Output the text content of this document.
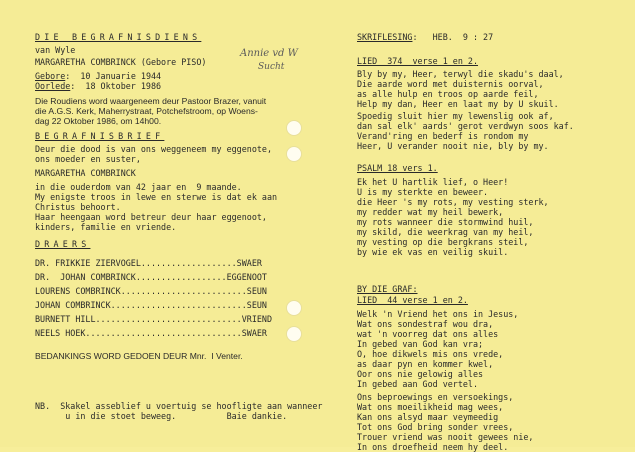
DIE BEGRAFNISDIENS
van Wyle
MARGARETHA COMBRINCK (Gebore PISO)
Annie vd W
Sucht
Gebore:  10 Januarie 1944
Oorlede:  18 Oktober 1986
Die Roudiens word waargeneem deur Pastoor Brazer, vanuit
die A.G.S. Kerk, Maherrystraat, Potchefstroom, op Woens-
dag 22 Oktober 1986, om 14h00.
BEGRAFNISBRIEF
Deur die dood is van ons weggeneem my eggenote,
ons moeder en suster,
MARGARETHA COMBRINCK
in die ouderdom van 42 jaar en  9 maande.
My enigste troos in lewe en sterwe is dat ek aan
Christus behoort.
Haar heengaan word betreur deur haar eggenoot,
kinders, familie en vriende.
DRAERS
DR. FRIKKIE ZIERVOGEL...................SWAER
DR.  JOHAN COMBRINCK..................EGGENOOT
LOURENS COMBRINCK.........................SEUN
JOHAN COMBRINCK...........................SEUN
BURNETT HILL.............................VRIEND
NEELS HOEK...............................SWAER
BEDANKINGS WORD GEDOEN DEUR Mnr.  I Venter.
NB.  Skakel asseblief u voertuig se hoofligte aan wanneer
u in die stoet beweeg.          Baie dankie.
SKRIFLESING:   HEB.  9 : 27
LIED  374  verse 1 en 2.
Bly by my, Heer, terwyl die skadu's daal,
Die aarde word met duisternis oorval,
as alle hulp en troos op aarde feil,
Help my dan, Heer en laat my by U skuil.
Spoedig sluit hier my lewenslig ook af,
dan sal elk' aards' gerot verdwyn soos kaf.
Verand'ring en bederf is rondom my
Heer, U verander nooit nie, bly by my.
PSALM 18 vers 1.
Ek het U hartlik lief, o Heer!
U is my sterkte en beweer.
die Heer 's my rots, my vesting sterk,
my redder wat my heil bewerk,
my rots wanneer die stormwind huil,
my skild, die weerkrag van my heil,
my vesting op die bergkrans steil,
by wie ek vas en veilig skuil.
BY DIE GRAF:
LIED  44 verse 1 en 2.
Welk 'n Vriend het ons in Jesus,
Wat ons sondestraf wou dra,
wat 'n voorreg dat ons alles
In gebed van God kan vra;
O, hoe dikwels mis ons vrede,
as daar pyn en kommer kwel,
Oor ons nie gelowig alles
In gebed aan God vertel.
Ons beproewings en versoekings,
Wat ons moeilikheid mag wees,
Kan ons alsyd maar veymeedig
Tot ons God bring sonder vrees,
Trouer vriend was nooit gewees nie,
In ons droefheid neem hy deel.
